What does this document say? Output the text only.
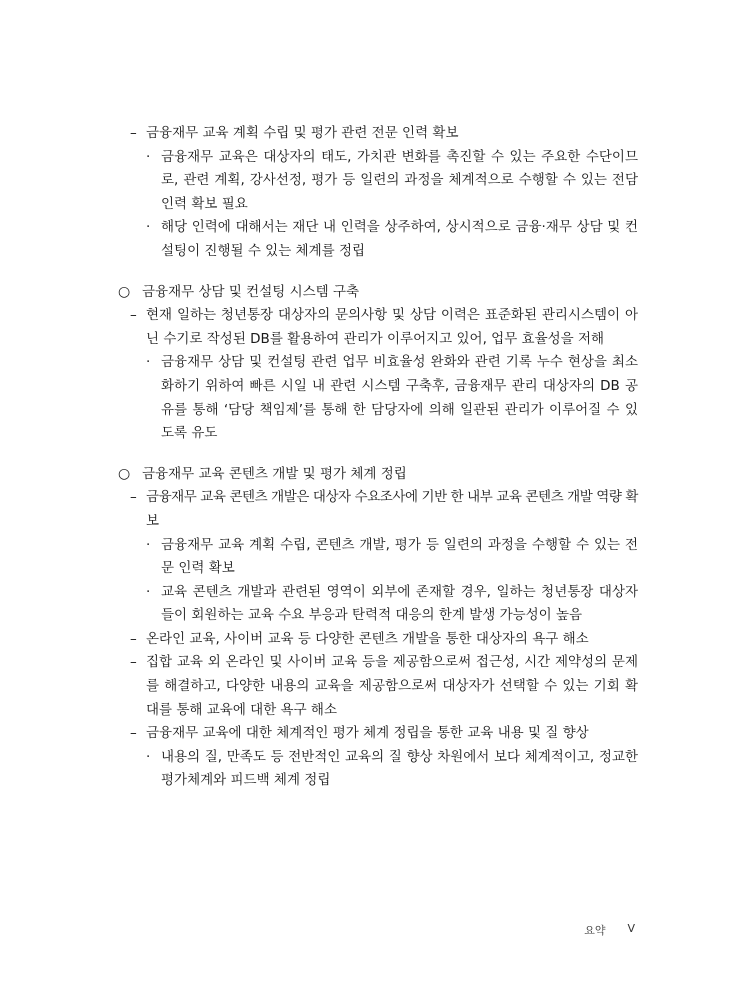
– 금융재무 교육 계획 수립 및 평가 관련 전문 인력 확보
· 금융재무 교육은 대상자의 태도, 가치관 변화를 촉진할 수 있는 주요한 수단이므로, 관련 계획, 강사선정, 평가 등 일련의 과정을 체계적으로 수행할 수 있는 전담인력 확보 필요
· 해당 인력에 대해서는 재단 내 인력을 상주하여, 상시적으로 금융·재무 상담 및 컨설팅이 진행될 수 있는 체계를 정립
○ 금융재무 상담 및 컨설팅 시스템 구축
– 현재 일하는 청년통장 대상자의 문의사항 및 상담 이력은 표준화된 관리시스템이 아닌 수기로 작성된 DB를 활용하여 관리가 이루어지고 있어, 업무 효율성을 저해
· 금융재무 상담 및 컨설팅 관련 업무 비효율성 완화와 관련 기록 누수 현상을 최소화하기 위하여 빠른 시일 내 관련 시스템 구축후, 금융재무 관리 대상자의 DB 공유를 통해 ‘담당 책임제’를 통해 한 담당자에 의해 일관된 관리가 이루어질 수 있도록 유도
○ 금융재무 교육 콘텐츠 개발 및 평가 체계 정립
– 금융재무 교육 콘텐츠 개발은 대상자 수요조사에 기반 한 내부 교육 콘텐츠 개발 역량 확보
· 금융재무 교육 계획 수립, 콘텐츠 개발, 평가 등 일련의 과정을 수행할 수 있는 전문 인력 확보
· 교육 콘텐츠 개발과 관련된 영역이 외부에 존재할 경우, 일하는 청년통장 대상자들이 회원하는 교육 수요 부응과 탄력적 대응의 한계 발생 가능성이 높음
– 온라인 교육, 사이버 교육 등 다양한 콘텐츠 개발을 통한 대상자의 욕구 해소
– 집합 교육 외 온라인 및 사이버 교육 등을 제공함으로써 접근성, 시간 제약성의 문제를 해결하고, 다양한 내용의 교육을 제공함으로써 대상자가 선택할 수 있는 기회 확대를 통해 교육에 대한 욕구 해소
– 금융재무 교육에 대한 체계적인 평가 체계 정립을 통한 교육 내용 및 질 향상
· 내용의 질, 만족도 등 전반적인 교육의 질 향상 차원에서 보다 체계적이고, 정교한 평가체계와 피드백 체계 정립
요약 V
